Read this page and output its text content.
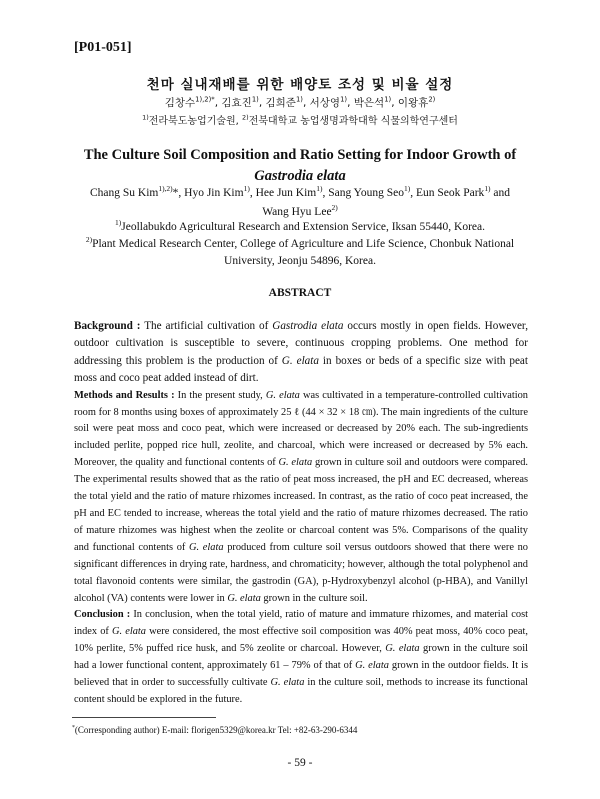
[P01-051]
천마 실내재배를 위한 배양토 조성 및 비율 설정
김창수$^{1),2)*}$, 김효진$^{1)}$, 김희준$^{1)}$, 서상영$^{1)}$, 박은석$^{1)}$, 이왕휴$^{2)}$
$^{1)}$전라북도농업기술원, $^{2)}$전북대학교 농업생명과학대학 식물의학연구센터
The Culture Soil Composition and Ratio Setting for Indoor Growth of
Gastrodia elata
Chang Su Kim$^{1),2)}$*, Hyo Jin Kim$^{1)}$, Hee Jun Kim$^{1)}$, Sang Young Seo$^{1)}$, Eun Seok Park$^{1)}$ and
Wang Hyu Lee$^{2)}$
$^{1)}$Jeollabukdo Agricultural Research and Extension Service, Iksan 55440, Korea.
$^{2)}$Plant Medical Research Center, College of Agriculture and Life Science, Chonbuk National University, Jeonju 54896, Korea.
ABSTRACT

Background : The artificial cultivation of Gastrodia elata occurs mostly in open fields. However, outdoor cultivation is susceptible to severe, continuous cropping problems. One method for addressing this problem is the production of G. elata in boxes or beds of a specific size with peat moss and coco peat added instead of dirt.

Methods and Results : In the present study, G. elata was cultivated in a temperature-controlled cultivation room for 8 months using boxes of approximately 25 ℓ (44 × 32 × 18 ㎝). The main ingredients of the culture soil were peat moss and coco peat, which were increased or decreased by 20% each. The sub-ingredients included perlite, popped rice hull, zeolite, and charcoal, which were increased or decreased by 5% each. Moreover, the quality and functional contents of G. elata grown in culture soil and outdoors were compared. The experimental results showed that as the ratio of peat moss increased, the pH and EC decreased, whereas the total yield and the ratio of mature rhizomes increased. In contrast, as the ratio of coco peat increased, the pH and EC tended to increase, whereas the total yield and the ratio of mature rhizomes decreased. The ratio of mature rhizomes was highest when the zeolite or charcoal content was 5%. Comparisons of the quality and functional contents of G. elata produced from culture soil versus outdoors showed that there were no significant differences in drying rate, hardness, and chromaticity; however, although the total polyphenol and total flavonoid contents were similar, the gastrodin (GA), p-Hydroxybenzyl alcohol (p-HBA), and Vanillyl alcohol (VA) contents were lower in G. elata grown in the culture soil.

Conclusion : In conclusion, when the total yield, ratio of mature and immature rhizomes, and material cost index of G. elata were considered, the most effective soil composition was 40% peat moss, 40% coco peat, 10% perlite, 5% puffed rice husk, and 5% zeolite or charcoal. However, G. elata grown in the culture soil had a lower functional content, approximately 61 – 79% of that of G. elata grown in the outdoor fields. It is believed that in order to successfully cultivate G. elata in the culture soil, methods to increase its functional content should be explored in the future.

*(Corresponding author) E-mail: florigen5329@korea.kr Tel: +82-63-290-6344
- 59 -
